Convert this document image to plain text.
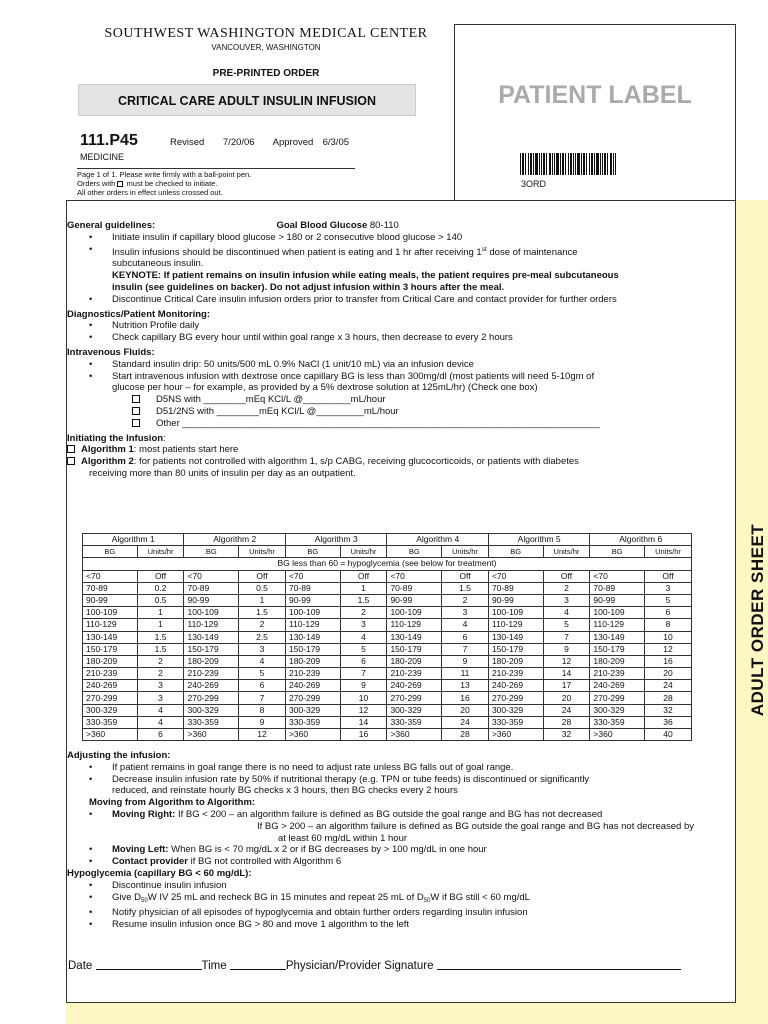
ADULT ORDER SHEET
PATIENT LABEL
3ORD
SOUTHWEST WASHINGTON MEDICAL CENTER
VANCOUVER, WASHINGTON
PRE-PRINTED ORDER
CRITICAL CARE ADULT INSULIN INFUSION
111.P45	Revised 7/20/06 Approved 6/3/05
MEDICINE
Page 1 of 1. Please write firmly with a ball-point pen.
Orders with must be checked to initiate.
All other orders in effect unless crossed out.
General guidelines:	Goal Blood Glucose 80-110
• Initiate insulin if capillary blood glucose > 180 or 2 consecutive blood glucose > 140
• Insulin infusions should be discontinued when patient is eating and 1 hr after receiving 1st dose of maintenance
subcutaneous insulin.
KEYNOTE: If patient remains on insulin infusion while eating meals, the patient requires pre-meal subcutaneous
insulin (see guidelines on backer). Do not adjust infusion within 3 hours after the meal.
• Discontinue Critical Care insulin infusion orders prior to transfer from Critical Care and contact provider for further orders
Diagnostics/Patient Monitoring:
• Nutrition Profile daily
• Check capillary BG every hour until within goal range x 3 hours, then decrease to every 2 hours
Intravenous Fluids:
• Standard insulin drip: 50 units/500 mL 0.9% NaCl (1 unit/10 mL) via an infusion device
• Start intravenous infusion with dextrose once capillary BG is less than 300mg/dl (most patients will need 5-10gm of
glucose per hour – for example, as provided by a 5% dextrose solution at 125mL/hr) (Check one box)
D5NS with ________mEq KCl/L @_________mL/hour
D51/2NS with ________mEq KCl/L @_________mL/hour
Other _______________________________________________________________________________
Initiating the Infusion:
Algorithm 1: most patients start here
Algorithm 2: for patients not controlled with algorithm 1, s/p CABG, receiving glucocorticoids, or patients with diabetes
receiving more than 80 units of insulin per day as an outpatient.
Algorithm 1		Algorithm 2		Algorithm 3		Algorithm 4		Algorithm 5		Algorithm 6	
BG	Units/hr	BG	Units/hr	BG	Units/hr	BG	Units/hr	BG	Units/hr	BG	Units/hr
BG less than 60 = hypoglycemia (see below for treatment)											
<70	Off	<70	Off	<70	Off	<70	Off	<70	Off	<70	Off
70-89	0.2	70-89	0.5	70-89	1	70-89	1.5	70-89	2	70-89	3
90-99	0.5	90-99	1	90-99	1.5	90-99	2	90-99	3	90-99	5
100-109	1	100-109	1.5	100-109	2	100-109	3	100-109	4	100-109	6
110-129	1	110-129	2	110-129	3	110-129	4	110-129	5	110-129	8
130-149	1.5	130-149	2.5	130-149	4	130-149	6	130-149	7	130-149	10
150-179	1.5	150-179	3	150-179	5	150-179	7	150-179	9	150-179	12
180-209	2	180-209	4	180-209	6	180-209	9	180-209	12	180-209	16
210-239	2	210-239	5	210-239	7	210-239	11	210-239	14	210-239	20
240-269	3	240-269	6	240-269	9	240-269	13	240-269	17	240-269	24
270-299	3	270-299	7	270-299	10	270-299	16	270-299	20	270-299	28
300-329	4	300-329	8	300-329	12	300-329	20	300-329	24	300-329	32
330-359	4	330-359	9	330-359	14	330-359	24	330-359	28	330-359	36
>360	6	>360	12	>360	16	>360	28	>360	32	>360	40
Adjusting the infusion:
• If patient remains in goal range there is no need to adjust rate unless BG falls out of goal range.
• Decrease insulin infusion rate by 50% if nutritional therapy (e.g. TPN or tube feeds) is discontinued or significantly
reduced, and reinstate hourly BG checks x 3 hours, then BG checks every 2 hours
Moving from Algorithm to Algorithm:
• Moving Right: If BG < 200 – an algorithm failure is defined as BG outside the goal range and BG has not decreased
If BG > 200 – an algorithm failure is defined as BG outside the goal range and BG has not decreased by
at least 60 mg/dL within 1 hour
• Moving Left: When BG is < 70 mg/dL x 2 or if BG decreases by > 100 mg/dL in one hour
• Contact provider if BG not controlled with Algorithm 6
Hypoglycemia (capillary BG < 60 mg/dL):
• Discontinue insulin infusion
• Give $D_{50}W$ IV 25 mL and recheck BG in 15 minutes and repeat 25 mL of $D_{50}W$ if BG still < 60 mg/dL
• Notify physician of all episodes of hypoglycemia and obtain further orders regarding insulin infusion
• Resume insulin infusion once BG > 80 and move 1 algorithm to the left
Date	Time	Physician/Provider Signature
